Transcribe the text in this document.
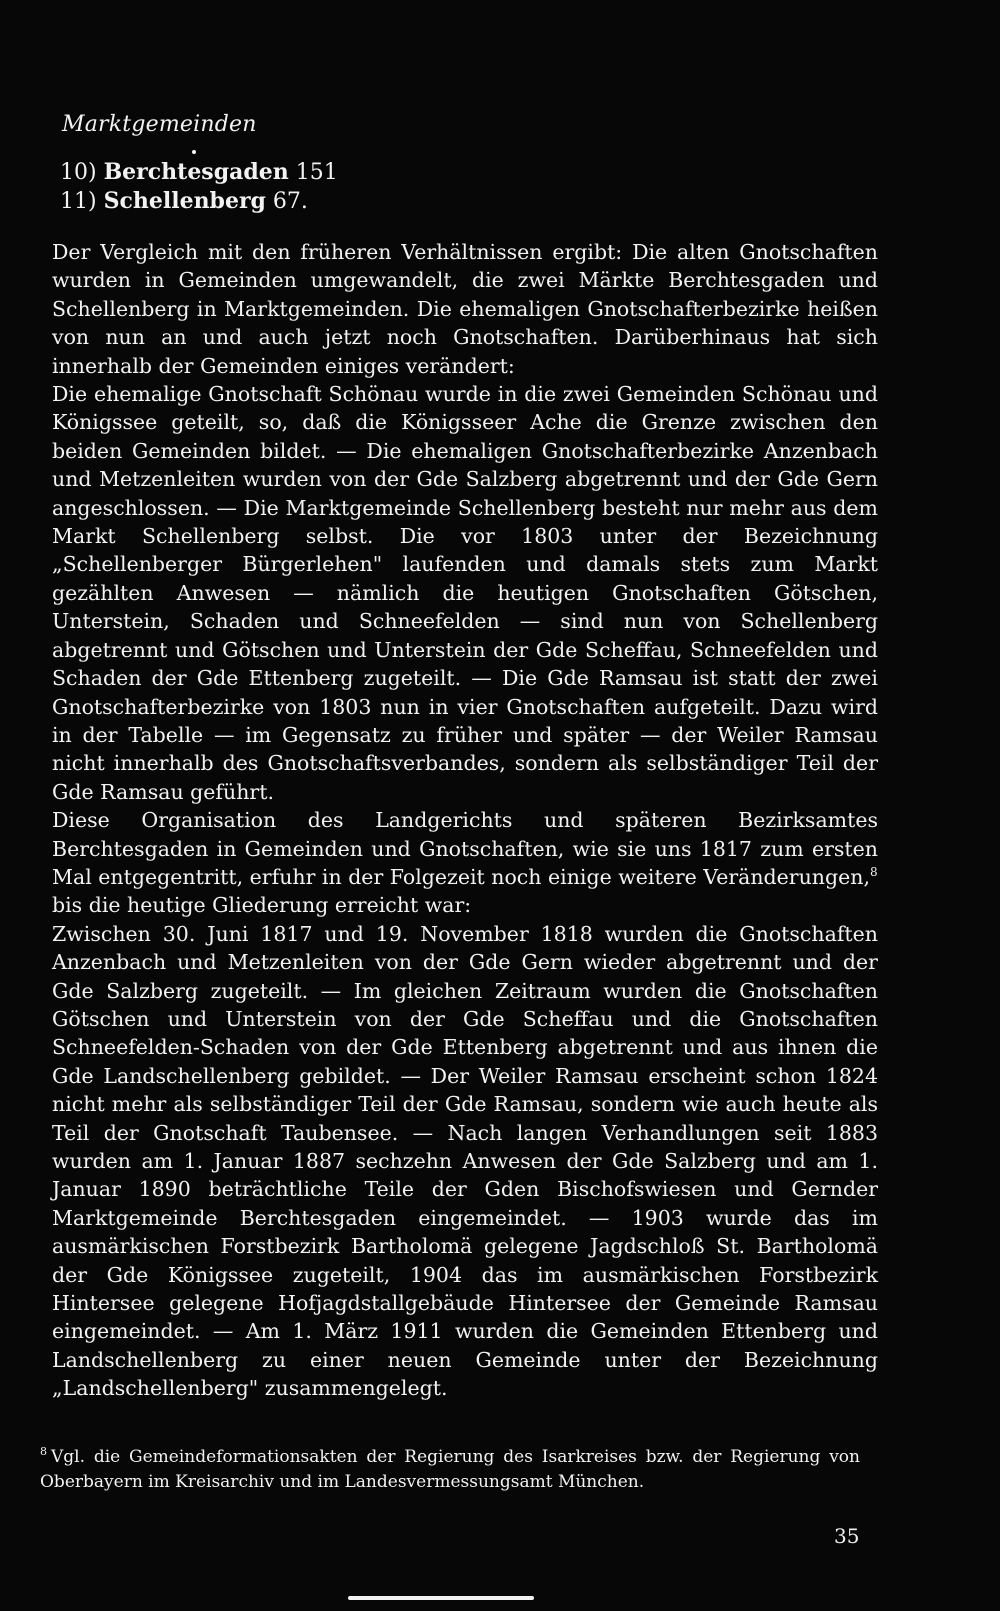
Marktgemeinden
10) Berchtesgaden 151
11) Schellenberg 67.

Der Vergleich mit den früheren Verhältnissen ergibt: Die alten Gnotschaften wurden in Gemeinden umgewandelt, die zwei Märkte Berchtesgaden und Schellenberg in Marktgemeinden. Die ehemaligen Gnotschafterbezirke heißen von nun an und auch jetzt noch Gnotschaften. Darüberhinaus hat sich innerhalb der Gemeinden einiges verändert:

Die ehemalige Gnotschaft Schönau wurde in die zwei Gemeinden Schönau und Königssee geteilt, so, daß die Königsseer Ache die Grenze zwischen den beiden Gemeinden bildet. — Die ehemaligen Gnotschafterbezirke Anzenbach und Metzenleiten wurden von der Gde Salzberg abgetrennt und der Gde Gern angeschlossen. — Die Marktgemeinde Schellenberg besteht nur mehr aus dem Markt Schellenberg selbst. Die vor 1803 unter der Bezeichnung „Schellenberger Bürgerlehen" laufenden und damals stets zum Markt gezählten Anwesen — nämlich die heutigen Gnotschaften Götschen, Unterstein, Schaden und Schneefelden — sind nun von Schellenberg abgetrennt und Götschen und Unterstein der Gde Scheffau, Schneefelden und Schaden der Gde Ettenberg zugeteilt. — Die Gde Ramsau ist statt der zwei Gnotschafterbezirke von 1803 nun in vier Gnotschaften aufgeteilt. Dazu wird in der Tabelle — im Gegensatz zu früher und später — der Weiler Ramsau nicht innerhalb des Gnotschaftsverbandes, sondern als selbständiger Teil der Gde Ramsau geführt.

Diese Organisation des Landgerichts und späteren Bezirksamtes Berchtesgaden in Gemeinden und Gnotschaften, wie sie uns 1817 zum ersten Mal entgegentritt, erfuhr in der Folgezeit noch einige weitere Veränderungen,$^8$

bis die heutige Gliederung erreicht war:

Zwischen 30. Juni 1817 und 19. November 1818 wurden die Gnotschaften Anzenbach und Metzenleiten von der Gde Gern wieder abgetrennt und der Gde Salzberg zugeteilt. — Im gleichen Zeitraum wurden die Gnotschaften Götschen und Unterstein von der Gde Scheffau und die Gnotschaften Schneefelden-Schaden von der Gde Ettenberg abgetrennt und aus ihnen die Gde Landschellenberg gebildet. — Der Weiler Ramsau erscheint schon 1824 nicht mehr als selbständiger Teil der Gde Ramsau, sondern wie auch heute als Teil der Gnotschaft Taubensee. — Nach langen Verhandlungen seit 1883 wurden am 1. Januar 1887 sechzehn Anwesen der Gde Salzberg und am 1. Januar 1890 beträchtliche Teile der Gden Bischofswiesen und Gernder Marktgemeinde Berchtesgaden eingemeindet. — 1903 wurde das im ausmärkischen Forstbezirk Bartholomä gelegene Jagdschloß St. Bartholomä der Gde Königssee zugeteilt, 1904 das im ausmärkischen Forstbezirk Hintersee gelegene Hofjagdstallgebäude Hintersee der Gemeinde Ramsau eingemeindet. — Am 1. März 1911 wurden die Gemeinden Ettenberg und Landschellenberg zu einer neuen Gemeinde unter der Bezeichnung „Landschellenberg" zusammengelegt.

$^8$ Vgl. die Gemeindeformationsakten der Regierung des Isarkreises bzw. der Regierung von Oberbayern im Kreisarchiv und im Landesvermessungsamt München.
35
